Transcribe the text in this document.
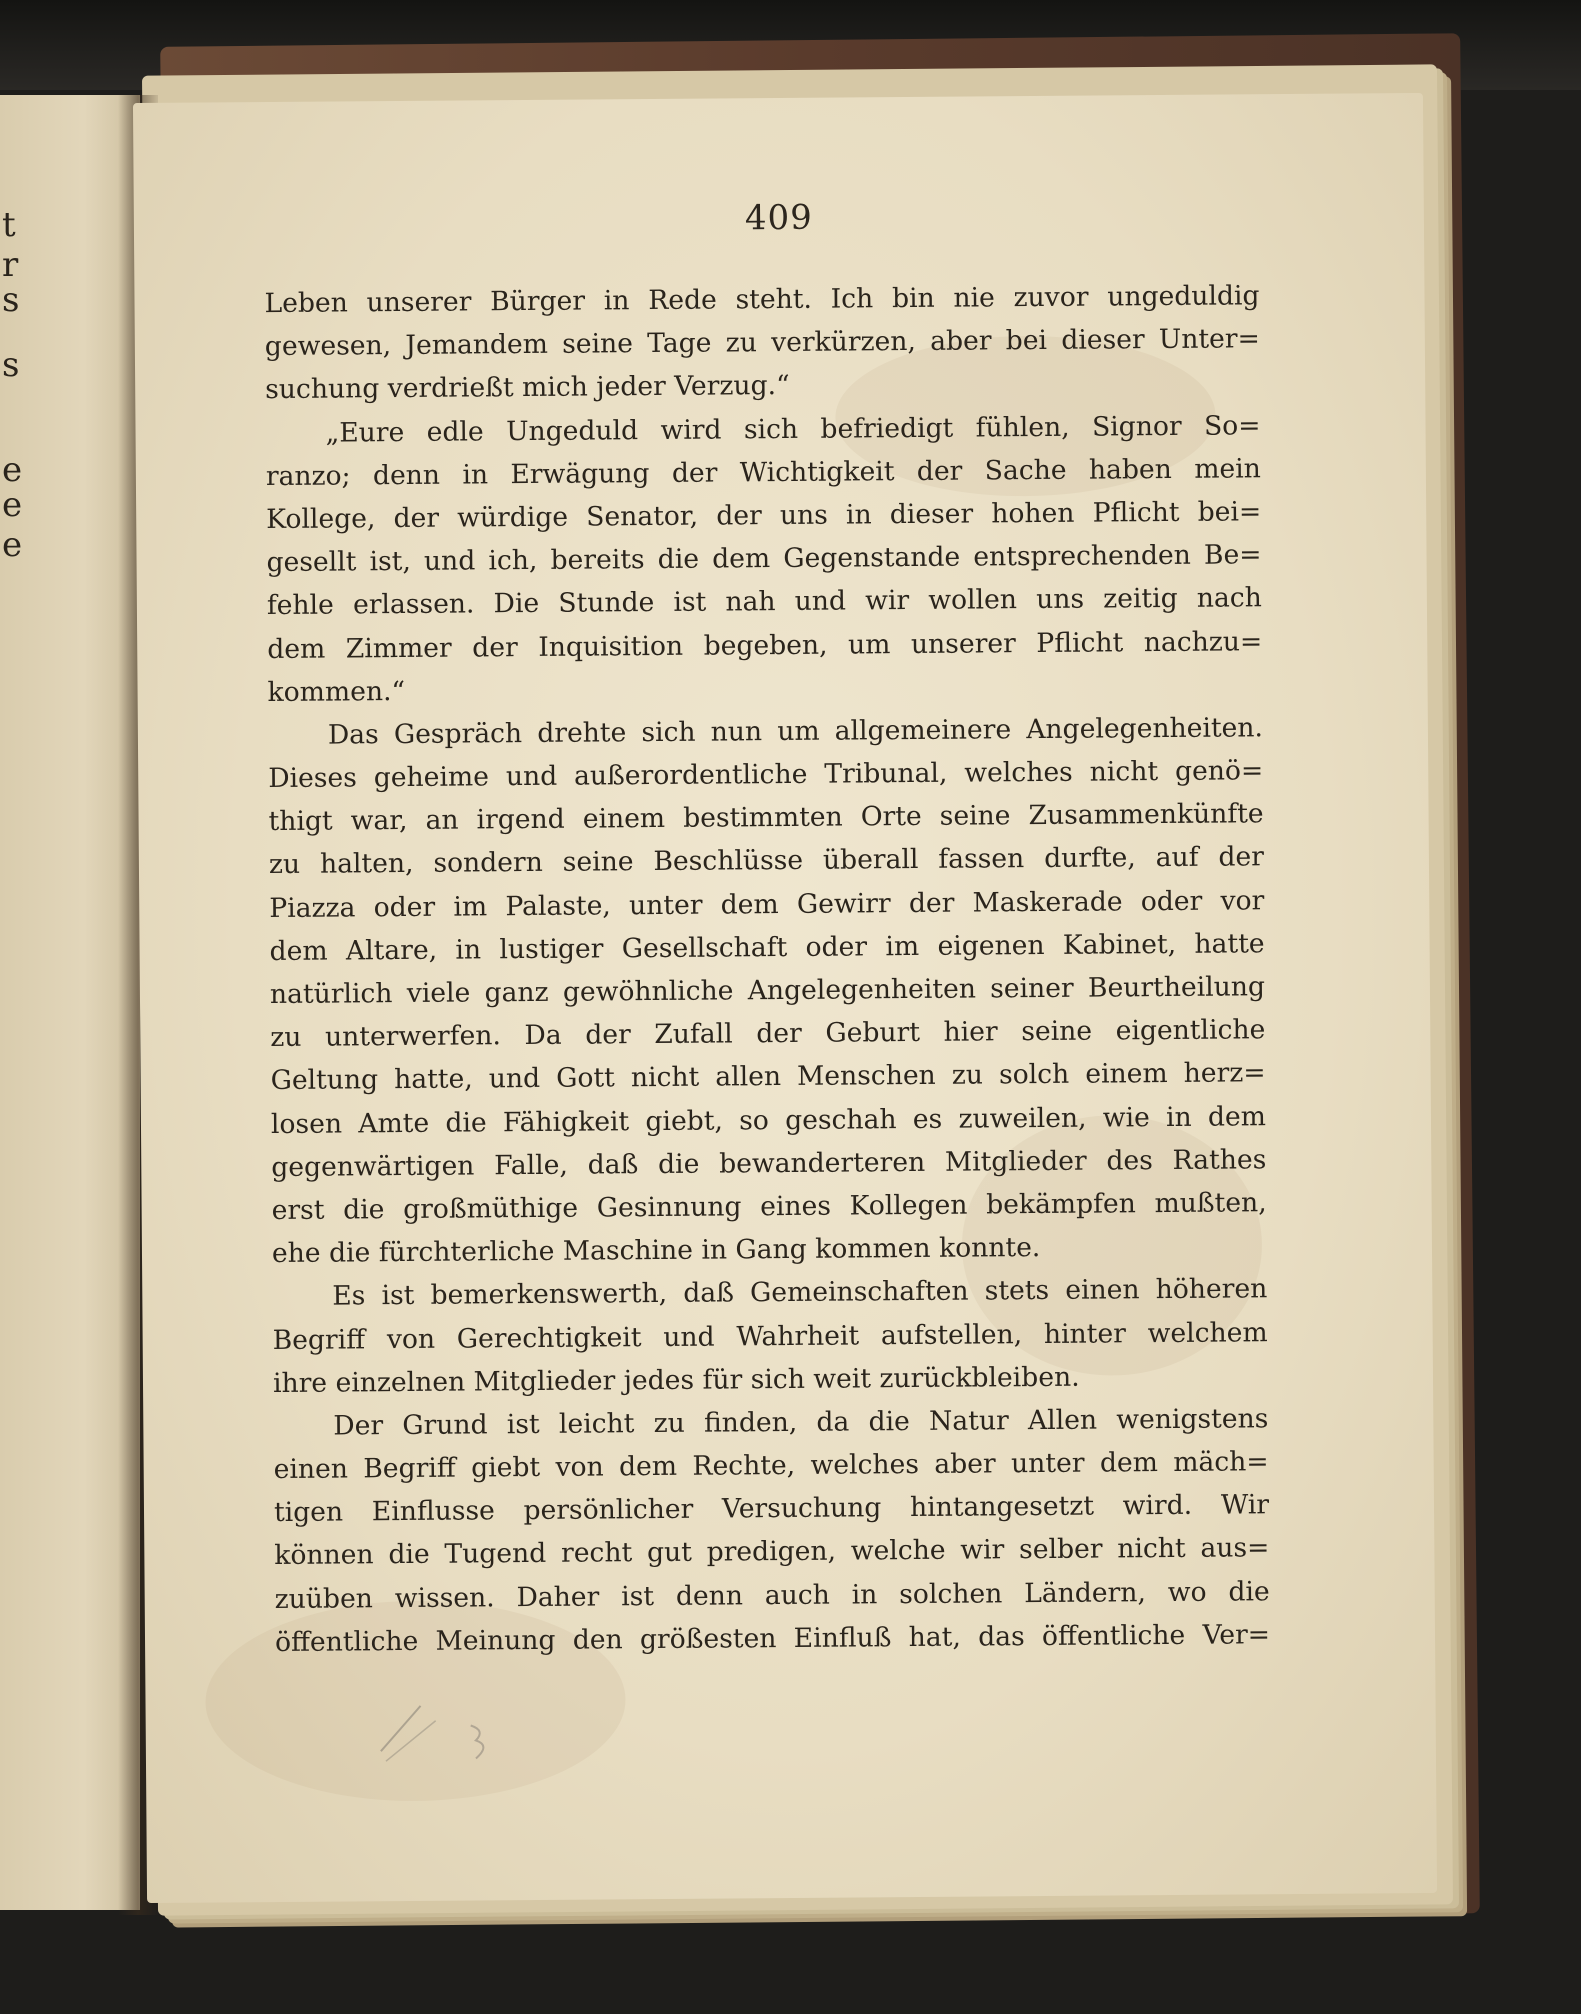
t
r
s
s
e
e
e
409
Leben unserer Bürger in Rede steht. Ich bin nie zuvor ungeduldig
gewesen, Jemandem seine Tage zu verkürzen, aber bei dieser Unter=
suchung verdrießt mich jeder Verzug.“
„Eure edle Ungeduld wird sich befriedigt fühlen, Signor So=
ranzo; denn in Erwägung der Wichtigkeit der Sache haben mein
Kollege, der würdige Senator, der uns in dieser hohen Pflicht bei=
gesellt ist, und ich, bereits die dem Gegenstande entsprechenden Be=
fehle erlassen. Die Stunde ist nah und wir wollen uns zeitig nach
dem Zimmer der Inquisition begeben, um unserer Pflicht nachzu=
kommen.“
Das Gespräch drehte sich nun um allgemeinere Angelegenheiten.
Dieses geheime und außerordentliche Tribunal, welches nicht genö=
thigt war, an irgend einem bestimmten Orte seine Zusammenkünfte
zu halten, sondern seine Beschlüsse überall fassen durfte, auf der
Piazza oder im Palaste, unter dem Gewirr der Maskerade oder vor
dem Altare, in lustiger Gesellschaft oder im eigenen Kabinet, hatte
natürlich viele ganz gewöhnliche Angelegenheiten seiner Beurtheilung
zu unterwerfen. Da der Zufall der Geburt hier seine eigentliche
Geltung hatte, und Gott nicht allen Menschen zu solch einem herz=
losen Amte die Fähigkeit giebt, so geschah es zuweilen, wie in dem
gegenwärtigen Falle, daß die bewanderteren Mitglieder des Rathes
erst die großmüthige Gesinnung eines Kollegen bekämpfen mußten,
ehe die fürchterliche Maschine in Gang kommen konnte.
Es ist bemerkenswerth, daß Gemeinschaften stets einen höheren
Begriff von Gerechtigkeit und Wahrheit aufstellen, hinter welchem
ihre einzelnen Mitglieder jedes für sich weit zurückbleiben.
Der Grund ist leicht zu finden, da die Natur Allen wenigstens
einen Begriff giebt von dem Rechte, welches aber unter dem mäch=
tigen Einflusse persönlicher Versuchung hintangesetzt wird. Wir
können die Tugend recht gut predigen, welche wir selber nicht aus=
zuüben wissen. Daher ist denn auch in solchen Ländern, wo die
öffentliche Meinung den größesten Einfluß hat, das öffentliche Ver=
